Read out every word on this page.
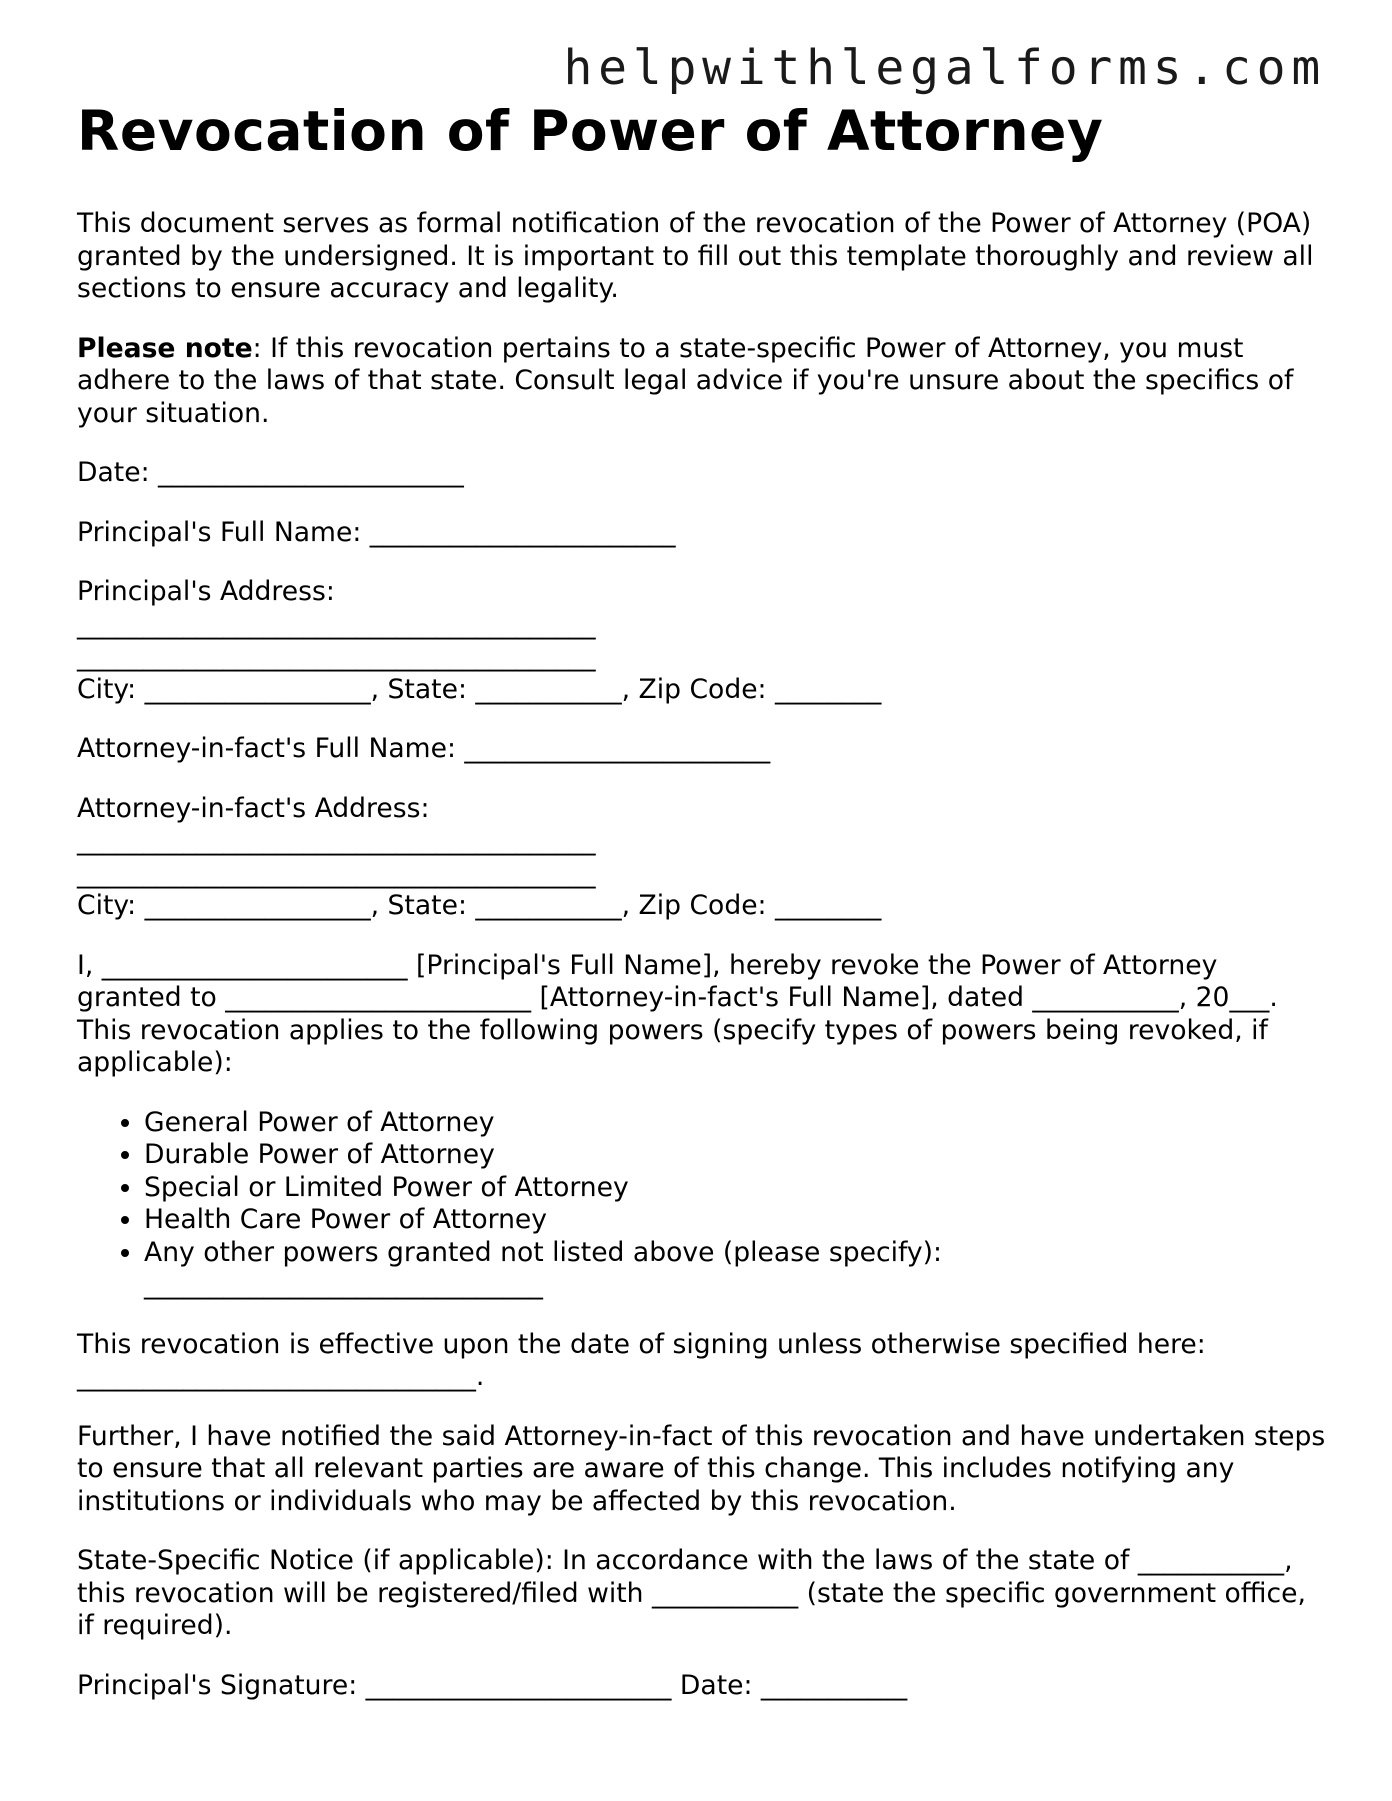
helpwithlegalforms.com
Revocation of Power of Attorney

This document serves as formal notification of the revocation of the Power of Attorney (POA) granted by the undersigned. It is important to fill out this template thoroughly and review all sections to ensure accuracy and legality.

Please note: If this revocation pertains to a state-specific Power of Attorney, you must adhere to the laws of that state. Consult legal advice if you're unsure about the specifics of your situation.

Date: _______________________

Principal's Full Name: _______________________

Principal's Address:
_______________________________________
_______________________________________
City: _________________, State: ___________, Zip Code: ________

Attorney-in-fact's Full Name: _______________________

Attorney-in-fact's Address:
_______________________________________
_______________________________________
City: _________________, State: ___________, Zip Code: ________

I, _______________________ [Principal's Full Name], hereby revoke the Power of Attorney granted to _______________________ [Attorney-in-fact's Full Name], dated ___________, 20___. This revocation applies to the following powers (specify types of powers being revoked, if applicable):

• General Power of Attorney
• Durable Power of Attorney
• Special or Limited Power of Attorney
• Health Care Power of Attorney
• Any other powers granted not listed above (please specify): ______________________________

This revocation is effective upon the date of signing unless otherwise specified here: ______________________________.

Further, I have notified the said Attorney-in-fact of this revocation and have undertaken steps to ensure that all relevant parties are aware of this change. This includes notifying any institutions or individuals who may be affected by this revocation.

State-Specific Notice (if applicable): In accordance with the laws of the state of ___________, this revocation will be registered/filed with ___________ (state the specific government office, if required).

Principal's Signature: _______________________ Date: ___________
